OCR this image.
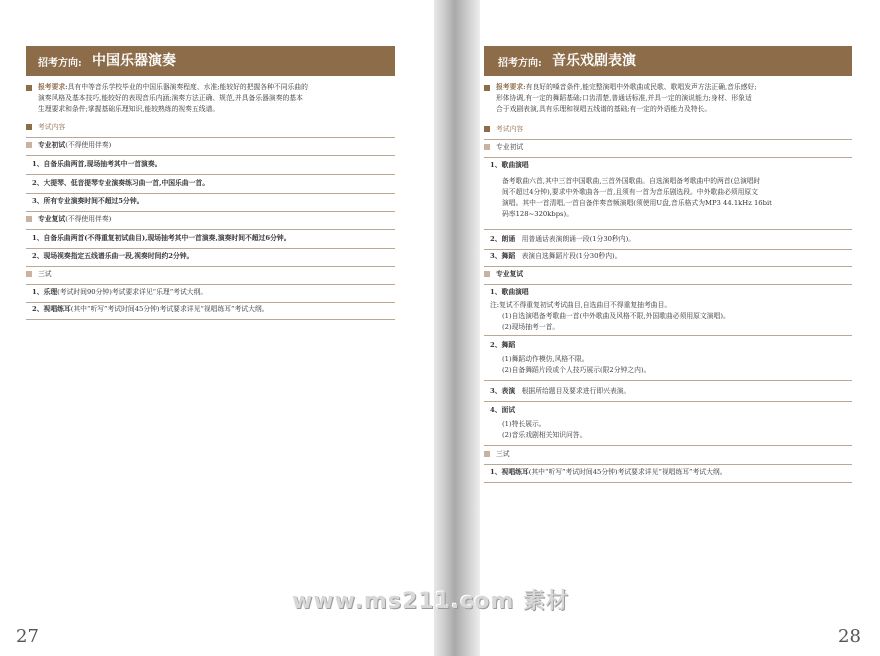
招考方向: 中国乐器演奏
报考要求:具有中等音乐学校毕业的中国乐器演奏程度、水准;能较好的把握各种不同乐曲的
演奏风格及基本技巧,能较好的表现音乐内涵;演奏方法正确、规范,并具备乐器演奏的基本
生理要求和条件;掌握基础乐理知识,能较熟练的视奏五线谱。
考试内容
专业初试(不得使用伴奏)
1、自备乐曲两首,现场抽考其中一首演奏。
2、大提琴、低音提琴专业演奏练习曲一首,中国乐曲一首。
3、所有专业演奏时间不超过5分钟。
专业复试(不得使用伴奏)
1、自备乐曲两首(不得重复初试曲目),现场抽考其中一首演奏,演奏时间不超过6分钟。
2、现场视奏指定五线谱乐曲一段,视奏时间约2分钟。
三试
1、乐理(考试时间90分钟)考试要求详见“乐理”考试大纲。
2、视唱练耳(其中“听写”考试时间45分钟)考试要求详见“视唱练耳”考试大纲。
27
招考方向: 音乐戏剧表演
报考要求:有良好的嗓音条件,能完整演唱中外歌曲或民歌、歌唱发声方法正确,音乐感好;
形体协调,有一定的舞蹈基础;口齿清楚,普通话标准,并具一定的演说能力;身材、形象适
合于戏剧表演,具有乐理和视唱五线谱的基础;有一定的外语能力及特长。
考试内容
专业初试
1、歌曲演唱
备考歌曲六首,其中三首中国歌曲,三首外国歌曲。自选演唱备考歌曲中的两首(总演唱时
间不超过4分钟),要求中外歌曲各一首,且须有一首为音乐剧选段。中外歌曲必须用原文
演唱。其中一首清唱,一首自备伴奏音频演唱(须使用U盘,音乐格式为MP3 44.1kHz 16bit
码率128~320kbps)。
2、朗诵 用普通话表演朗诵一段(1分30秒内)。
3、舞蹈 表演自选舞蹈片段(1分30秒内)。
专业复试
1、歌曲演唱
注:复试不得重复初试考试曲目,自选曲目不得重复抽考曲目。
(1)自选演唱备考歌曲一首(中外歌曲及风格不限,外国歌曲必须用原文演唱)。
(2)现场抽考一首。
2、舞蹈
(1)舞蹈动作模仿,风格不限。
(2)自备舞蹈片段或个人技巧展示(限2分钟之内)。
3、表演 根据所给题目及要求进行即兴表演。
4、面试
(1)特长展示。
(2)音乐戏剧相关知识问答。
三试
1、视唱练耳(其中“听写”考试时间45分钟)考试要求详见“视唱练耳”考试大纲。
28
www.ms211.com 素材
